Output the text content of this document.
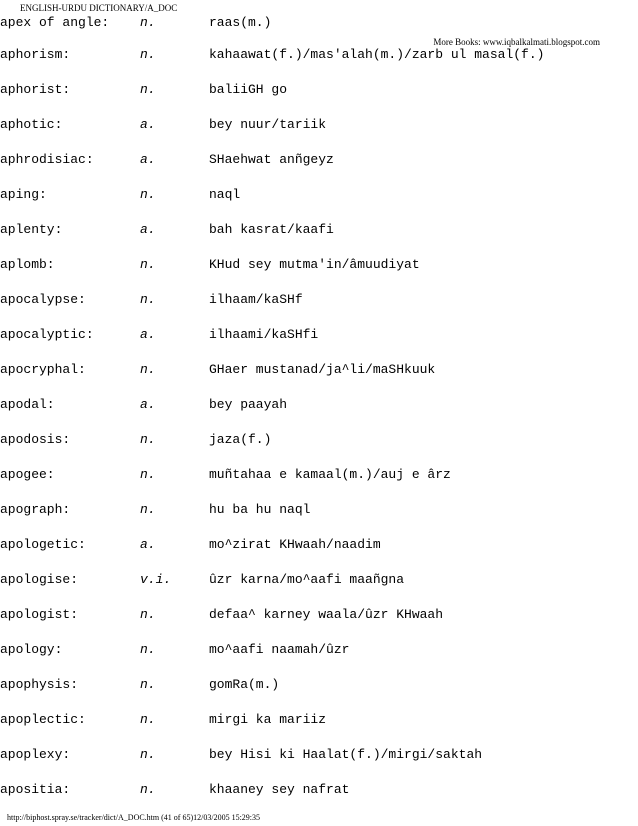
ENGLISH-URDU DICTIONARY/A_DOC
More Books: www.iqbalkalmati.blogspot.com
apex of angle: n.	raas(m.)
aphorism:	n.	kahaawat(f.)/mas'alah(m.)/zarb ul masal(f.)
aphorist:	n.	baliiGH go
aphotic:	a.	bey nuur/tariik
aphrodisiac:	a.	SHaehwat anñgeyz
aping:	n.	naql
aplenty:	a.	bah kasrat/kaafi
aplomb:	n.	KHud sey mutma'in/âmuudiyat
apocalypse:	n.	ilhaam/kaSHf
apocalyptic:	a.	ilhaami/kaSHfi
apocryphal:	n.	GHaer mustanad/ja^li/maSHkuuk
apodal:	a.	bey paayah
apodosis:	n.	jaza(f.)
apogee:	n.	muñtahaa e kamaal(m.)/auj e ârz
apograph:	n.	hu ba hu naql
apologetic:	a.	mo^zirat KHwaah/naadim
apologise:	v.i.	ûzr karna/mo^aafi maañgna
apologist:	n.	defaa^ karney waala/ûzr KHwaah
apology:	n.	mo^aafi naamah/ûzr
apophysis:	n.	gomRa(m.)
apoplectic:	n.	mirgi ka mariiz
apoplexy:	n.	bey Hisi ki Haalat(f.)/mirgi/saktah
apositia:	n.	khaaney sey nafrat
http://biphost.spray.se/tracker/dict/A_DOC.htm (41 of 65)12/03/2005 15:29:35
